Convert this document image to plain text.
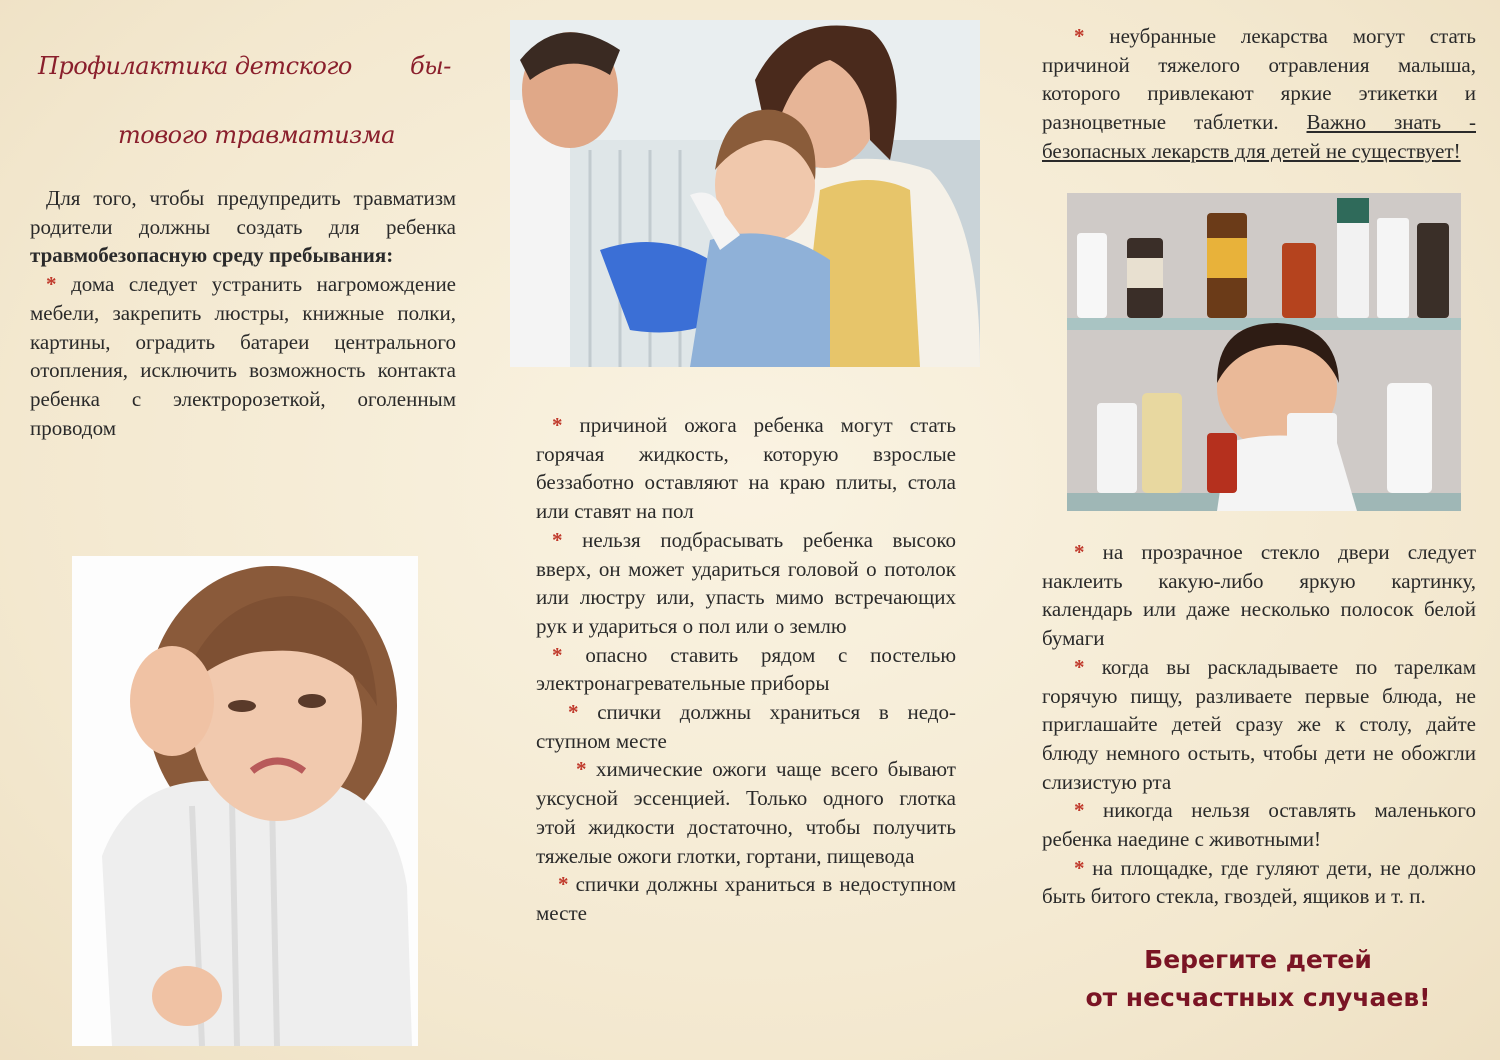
Профилактика детского бы-
тового травматизма

Для того, чтобы предупредить травматизм родители должны создать для ребенка травмобезопасную среду пребывания:

* дома следует устранить нагромождение мебели, закрепить люстры, книжные полки, картины, оградить батареи центрального отопления, исключить возможность контакта ребенка с электророзеткой, оголенным проводом	* причиной ожога ребенка могут стать горячая жидкость, которую взрослые беззаботно оставляют на краю плиты, стола или ставят на пол

* нельзя подбрасывать ребенка высоко вверх, он может удариться головой о потолок или люстру или, упасть мимо встречающих рук и удариться о пол или о землю

* опасно ставить рядом с постелью электронагревательные приборы

* спички должны храниться в недоступном месте

* химические ожоги чаще всего бывают уксусной эссенцией. Только одного глотка этой жидкости достаточно, чтобы получить тяжелые ожоги глотки, гортани, пищевода

* спички должны храниться в недоступном месте

* неубранные лекарства могут стать причиной тяжелого отравления малыша, которого привлекают яркие этикетки и разноцветные таблетки. Важно знать - безопасных лекарств для детей не существует!

* на прозрачное стекло двери следует наклеить какую-либо яркую картинку, календарь или даже несколько полосок белой бумаги

* когда вы раскладываете по тарелкам горячую пищу, разливаете первые блюда, не приглашайте детей сразу же к столу, дайте блюду немного остыть, чтобы дети не обожгли слизистую рта

* никогда нельзя оставлять маленького ребенка наедине с животными!

* на площадке, где гуляют дети, не должно быть битого стекла, гвоздей, ящиков и т. п.

Берегите детей
от несчастных случаев!
